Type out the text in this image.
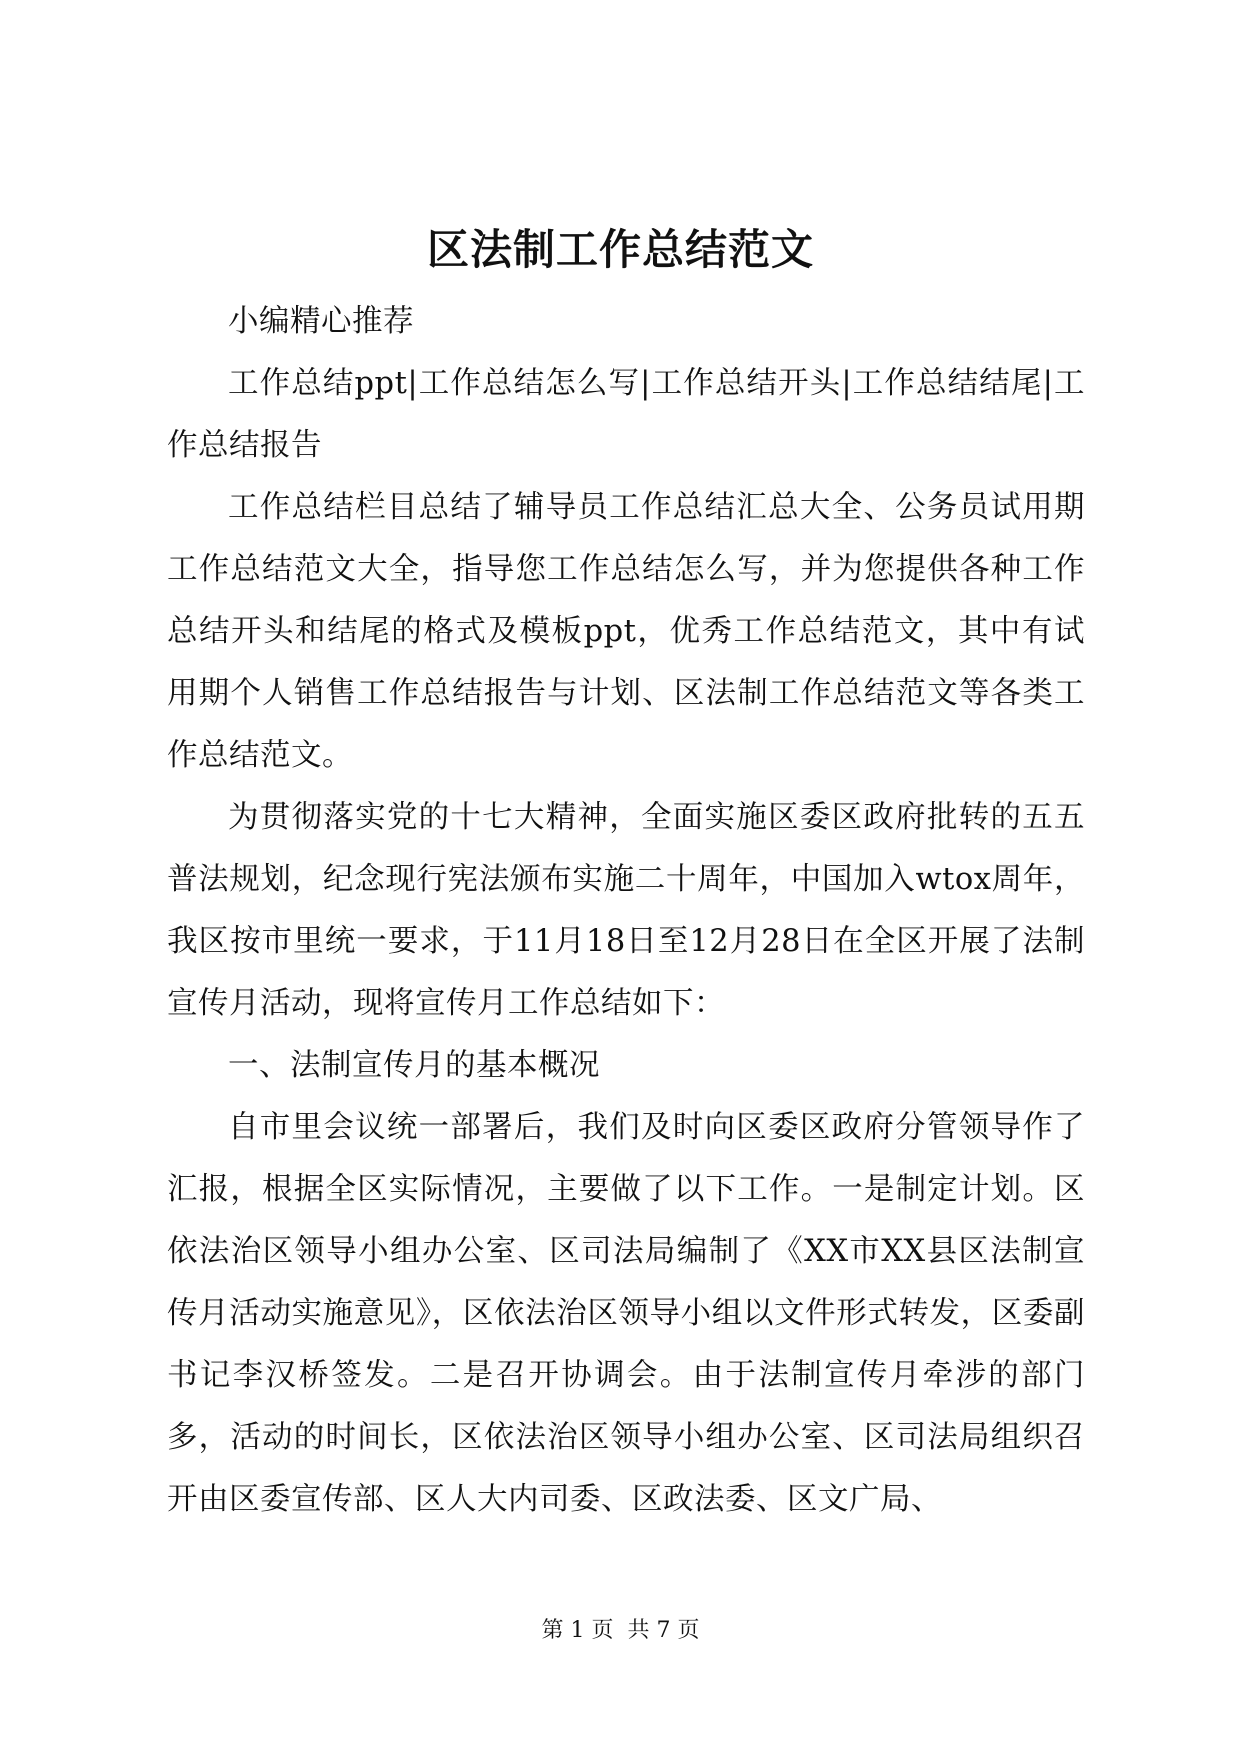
区法制工作总结范文

小编精心推荐

工作总结ppt|工作总结怎么写|工作总结开头|工作总结结尾|工作总结报告

工作总结栏目总结了辅导员工作总结汇总大全、公务员试用期工作总结范文大全，指导您工作总结怎么写，并为您提供各种工作总结开头和结尾的格式及模板ppt，优秀工作总结范文，其中有试用期个人销售工作总结报告与计划、区法制工作总结范文等各类工作总结范文。

为贯彻落实党的十七大精神，全面实施区委区政府批转的五五普法规划，纪念现行宪法颁布实施二十周年，中国加入wtox周年，我区按市里统一要求，于11月18日至12月28日在全区开展了法制宣传月活动，现将宣传月工作总结如下：

一、法制宣传月的基本概况

自市里会议统一部署后，我们及时向区委区政府分管领导作了汇报，根据全区实际情况，主要做了以下工作。一是制定计划。区依法治区领导小组办公室、区司法局编制了《XX市XX县区法制宣传月活动实施意见》，区依法治区领导小组以文件形式转发，区委副书记李汉桥签发。二是召开协调会。由于法制宣传月牵涉的部门多，活动的时间长，区依法治区领导小组办公室、区司法局组织召开由区委宣传部、区人大内司委、区政法委、区文广局、

第 1 页  共 7 页
